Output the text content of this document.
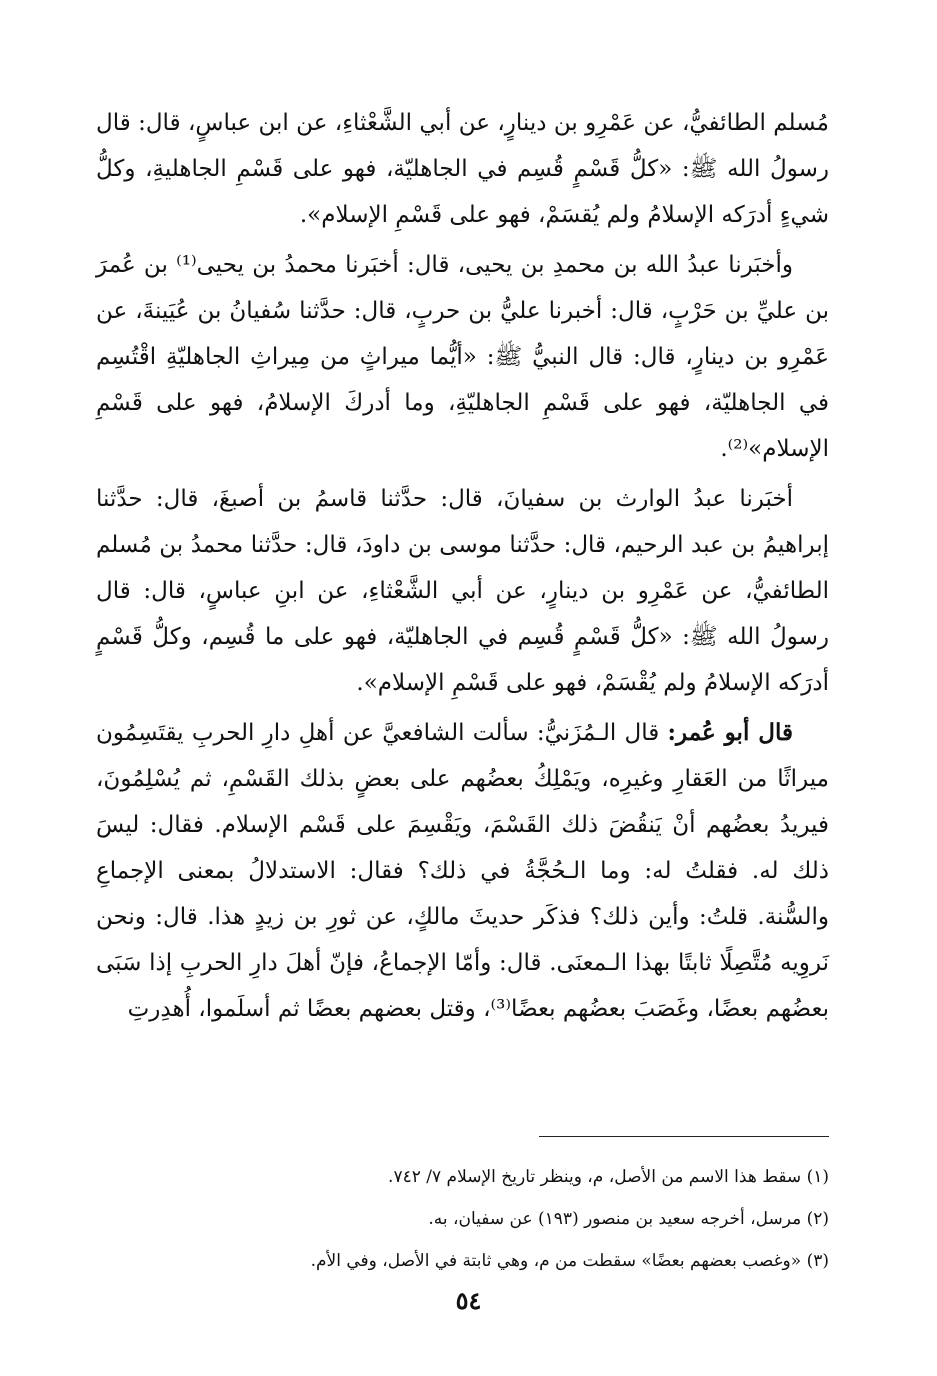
مُسلم الطائفيُّ، عن عَمْرِو بن دينارٍ، عن أبي الشَّعْثاءِ، عن ابن عباسٍ، قال: قال رسولُ الله ﷺ: «كلُّ قَسْمٍ قُسِم في الجاهليّة، فهو على قَسْمِ الجاهليةِ، وكلُّ شيءٍ أدرَكه الإسلامُ ولم يُقسَمْ، فهو على قَسْمِ الإسلام».

وأخبَرنا عبدُ الله بن محمدِ بن يحيى، قال: أخبَرنا محمدُ بن يحيى⁽¹⁾ بن عُمرَ بن عليِّ بن حَرْبٍ، قال: أخبرنا عليُّ بن حربٍ، قال: حدَّثنا سُفيانُ بن عُيَينةَ، عن عَمْرِو بن دينارٍ، قال: قال النبيُّ ﷺ: «أيُّما ميراثٍ من مِيراثِ الجاهليّةِ اقْتُسِم في الجاهليّة، فهو على قَسْمِ الجاهليّةِ، وما أدركَ الإسلامُ، فهو على قَسْمِ الإسلام»⁽²⁾.

أخبَرنا عبدُ الوارث بن سفيانَ، قال: حدَّثنا قاسمُ بن أصبغَ، قال: حدَّثنا إبراهيمُ بن عبد الرحيم، قال: حدَّثنا موسى بن داودَ، قال: حدَّثنا محمدُ بن مُسلم الطائفيُّ، عن عَمْرِو بن دينارٍ، عن أبي الشَّعْثاءِ، عن ابنِ عباسٍ، قال: قال رسولُ الله ﷺ: «كلُّ قَسْمٍ قُسِم في الجاهليّة، فهو على ما قُسِم، وكلُّ قَسْمٍ أدرَكه الإسلامُ ولم يُقْسَمْ، فهو على قَسْمِ الإسلام».

قال أبو عُمر: قال الـمُزَنيُّ: سألت الشافعيَّ عن أهلِ دارِ الحربِ يقتَسِمُون ميراثًا من العَقارِ وغيرِه، ويَمْلِكُ بعضُهم على بعضٍ بذلك القَسْمِ، ثم يُسْلِمُونَ، فيريدُ بعضُهم أنْ يَنقُضَ ذلك القَسْمَ، ويَقْسِمَ على قَسْم الإسلام. فقال: ليسَ ذلك له. فقلتُ له: وما الـحُجَّةُ في ذلك؟ فقال: الاستدلالُ بمعنى الإجماعِ والسُّنة. قلتُ: وأين ذلك؟ فذكَر حديثَ مالكٍ، عن ثورِ بن زيدٍ هذا. قال: ونحن نَروِيه مُتَّصِلًا ثابتًا بهذا الـمعنَى. قال: وأمّا الإجماعُ، فإنّ أهلَ دارِ الحربِ إذا سَبَى بعضُهم بعضًا، وغَصَبَ بعضُهم بعضًا⁽³⁾، وقتل بعضهم بعضًا ثم أسلَموا، أُهدِرتِ

(١) سقط هذا الاسم من الأصل، م، وينظر تاريخ الإسلام ٧/ ٧٤٢.

(٢) مرسل، أخرجه سعيد بن منصور (١٩٣) عن سفيان، به.

(٣) «وغصب بعضهم بعضًا» سقطت من م، وهي ثابتة في الأصل، وفي الأم.

٥٤
